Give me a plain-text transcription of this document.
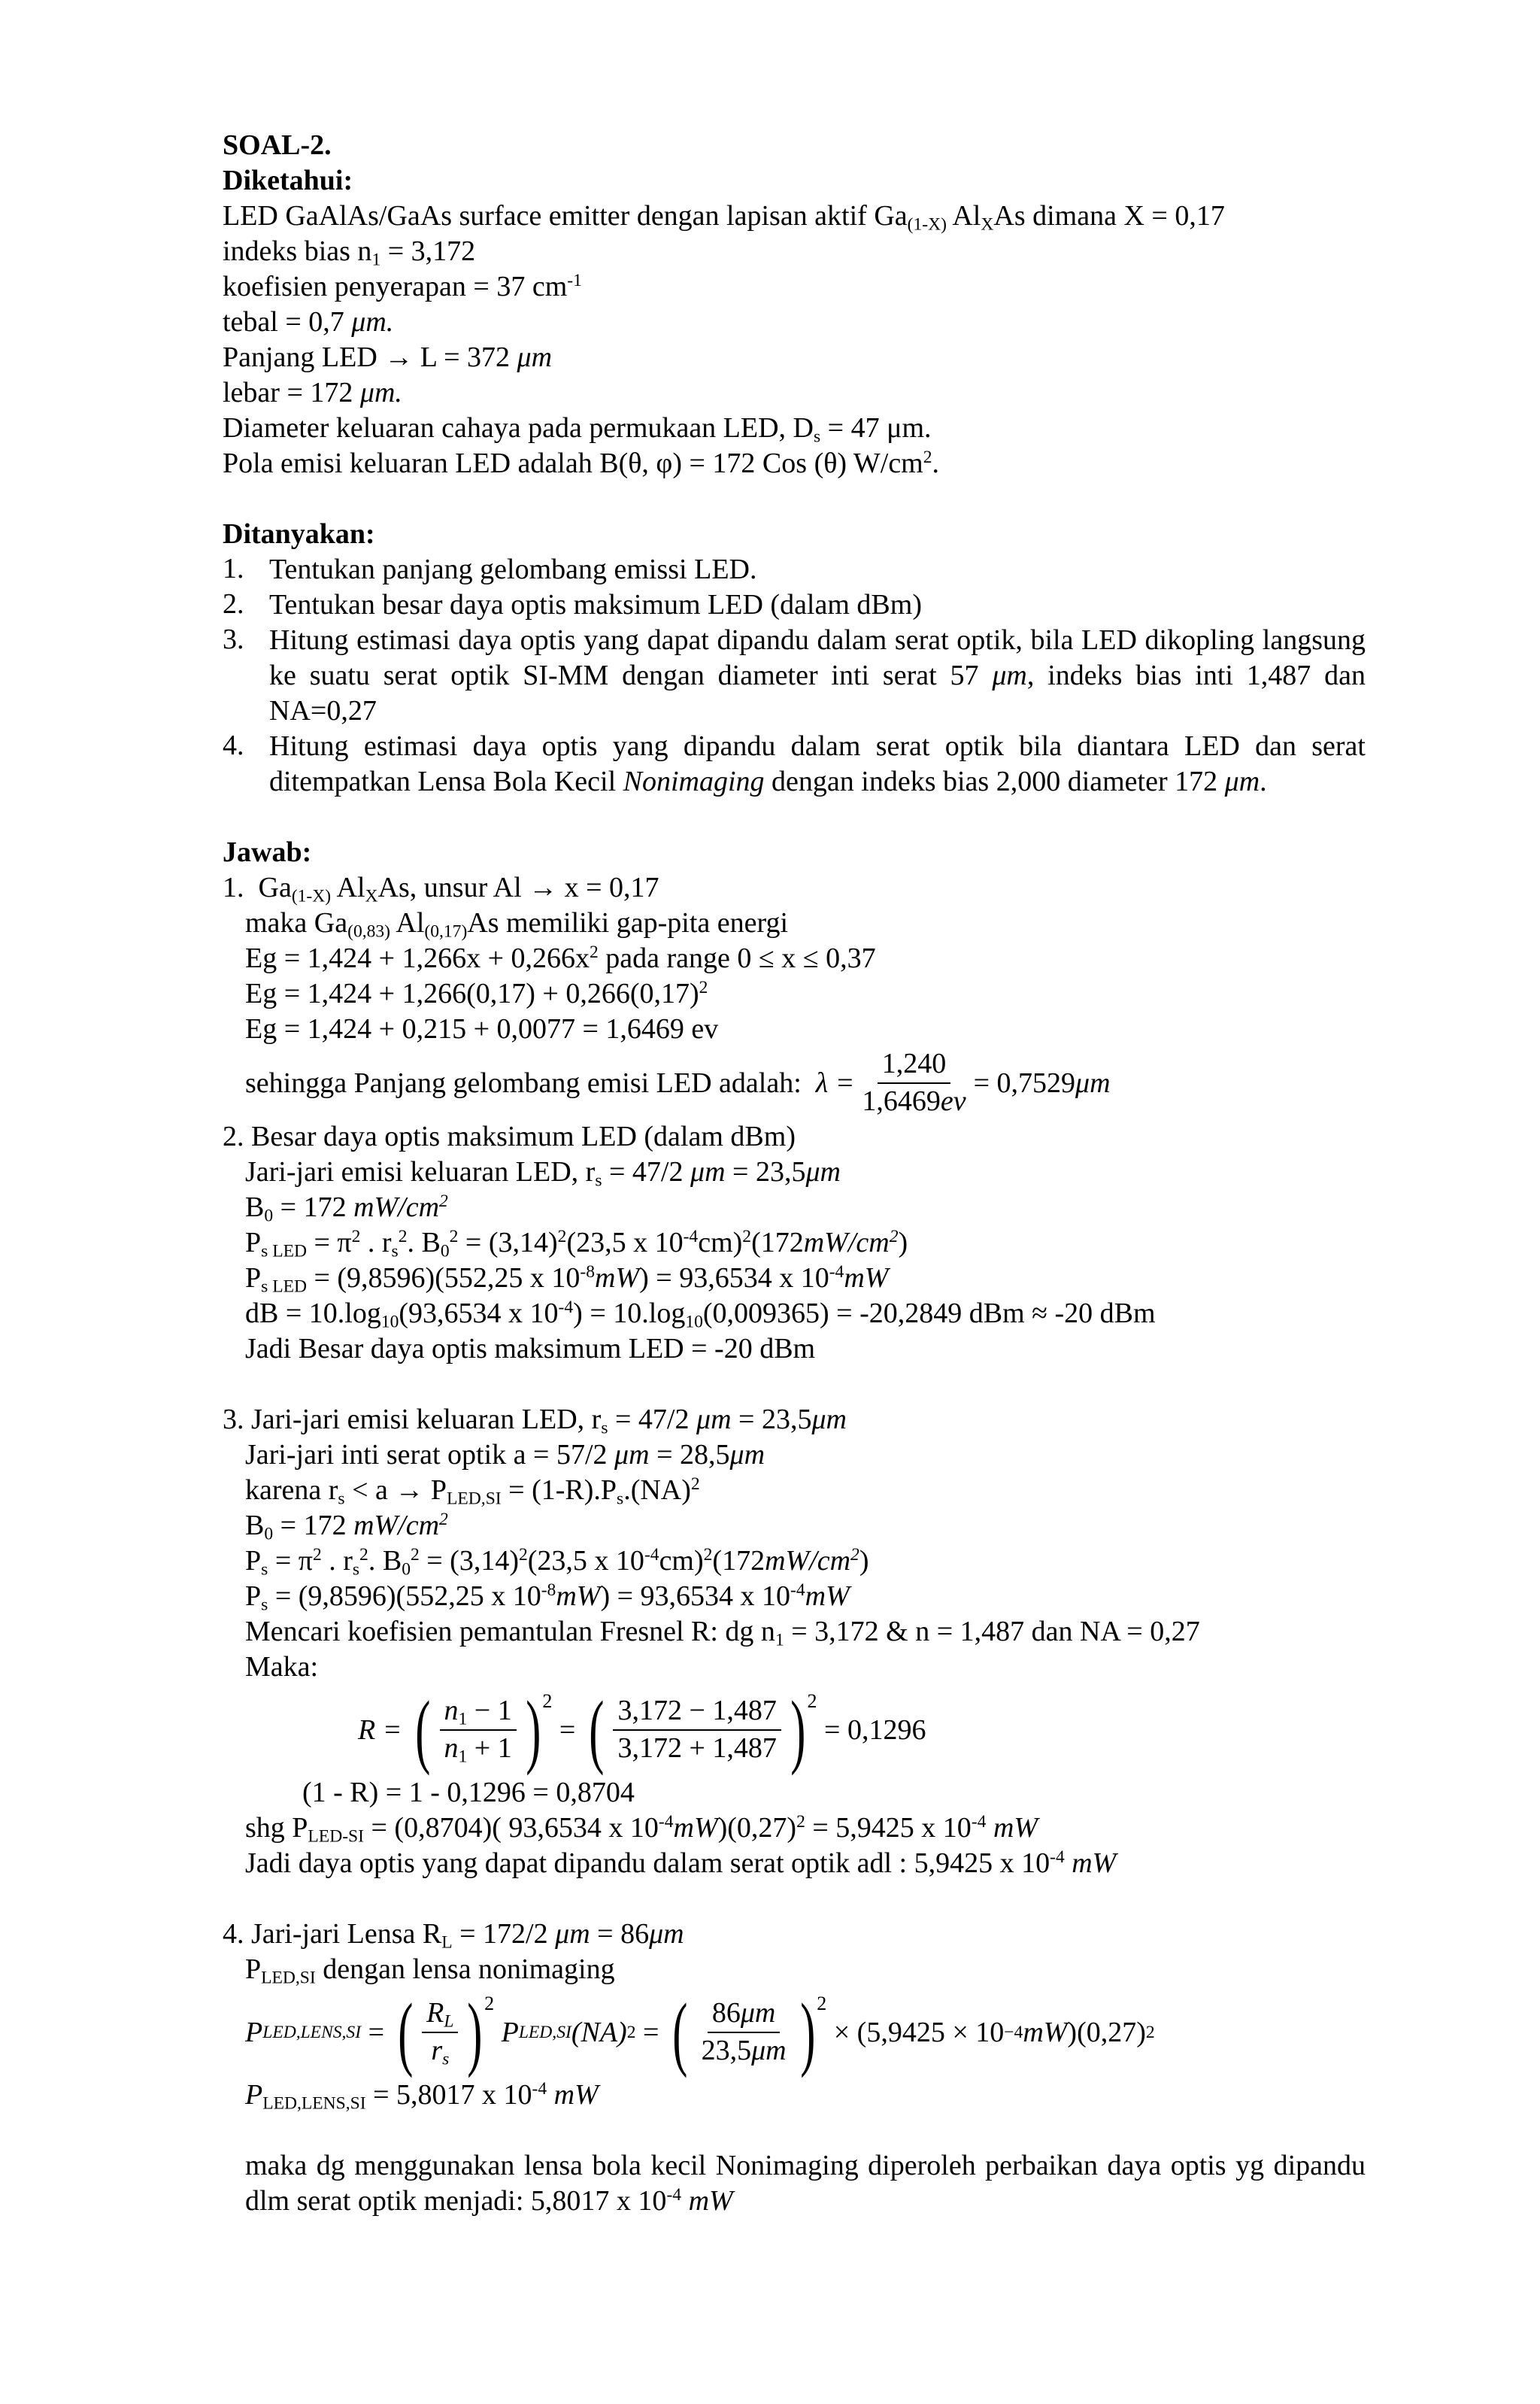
SOAL-2.
Diketahui:
LED GaAlAs/GaAs surface emitter dengan lapisan aktif $Ga_{(1-X)}$ $Al_XAs$ dimana X = 0,17
indeks bias $n_1 = 3,172$
koefisien penyerapan = 37 $cm^{-1}$
tebal = 0,7 μm.
Panjang LED → L = 372 μm
lebar = 172 μm.
Diameter keluaran cahaya pada permukaan LED, $D_s = 47$ μm.
Pola emisi keluaran LED adalah B(θ, φ) = 172 Cos (θ) $W/cm^2$.
Ditanyakan:
1. Tentukan panjang gelombang emissi LED.
2. Tentukan besar daya optis maksimum LED (dalam dBm)
3. Hitung estimasi daya optis yang dapat dipandu dalam serat optik, bila LED dikopling langsung ke suatu serat optik SI-MM dengan diameter inti serat 57 μm, indeks bias inti 1,487 dan NA=0,27
4. Hitung estimasi daya optis yang dipandu dalam serat optik bila diantara LED dan serat ditempatkan Lensa Bola Kecil Nonimaging dengan indeks bias 2,000 diameter 172 μm.
Jawab:
1. $Ga_{(1-X)}$ $Al_XAs$, unsur Al → x = 0,17
maka $Ga_{(0,83)}$ $Al_{(0,17)}As$ memiliki gap-pita energi
$Eg = 1,424 + 1,266x + 0,266x^2$ pada range 0 ≤ x ≤ 0,37
$Eg = 1,424 + 1,266(0,17) + 0,266(0,17)^2$
Eg = 1,424 + 0,215 + 0,0077 = 1,6469 ev
sehingga Panjang gelombang emisi LED adalah:
$\lambda = \frac{1,240}{1,6469ev} = 0,7529$ μm
2. Besar daya optis maksimum LED (dalam dBm)
Jari-jari emisi keluaran LED, $r_s = 47/2$ μm = 23,5μm
$B_0 = 172$ $mW/cm^2$
$P_{s LED} = \pi^2$ . $r_s^2$. $B_0^2 = (3,14)^2(23,5$ x $10^{-4}cm)^2(172mW/cm^2)$
$P_{s LED} = (9,8596)(552,25$ x $10^{-8}mW) = 93,6534$ x $10^{-4}mW$
dB = $10.\log_{10}(93,6534$ x $10^{-4}) = 10.\log_{10}(0,009365) = -20,2849$ dBm ≈ -20 dBm
Jadi Besar daya optis maksimum LED = -20 dBm
3. Jari-jari emisi keluaran LED, $r_s = 47/2$ μm = 23,5μm
Jari-jari inti serat optik a = 57/2 μm = 28,5μm
karena $r_s < a \to P_{LED,SI} = (1-R).P_s.(NA)^2$
$B_0 = 172$ $mW/cm^2$
$P_s = \pi^2$ . $r_s^2$. $B_0^2 = (3,14)^2(23,5$ x $10^{-4}cm)^2(172mW/cm^2)$
$P_s = (9,8596)(552,25$ x $10^{-8}mW) = 93,6534$ x $10^{-4}mW$
Mencari koefisien pemantulan Fresnel R: dg $n_1 = 3,172$ & n = 1,487 dan NA = 0,27
Maka:
R =
( $\frac{n_1 - 1}{n_1 + 1}$ ) 2

=
( $\frac{3,172 - 1,487}{3,172 + 1,487}$ ) 2

= 0,1296
(1 - R) = 1 - 0,1296 = 0,8704
shg $P_{LED-SI} = (0,8704)$( 93,6534 x $10^{-4}mW)(0,27)^2 = 5,9425$ x $10^{-4}$ mW
Jadi daya optis yang dapat dipandu dalam serat optik adl : 5,9425 x $10^{-4}$ mW
4. Jari-jari Lensa $R_L = 172/2$ μm = 86μm
$P_{LED,SI}$ dengan lensa nonimaging
P LED,LENS,SI
=
( $\frac{R_L}{r_s}$ ) 2

P LED,SI (NA) 2
=
( $\frac{86\mu m}{23,5\mu m}$ ) 2

× (5,9425 × 10 −4 mW )(0,27) 2
$P_{LED,LENS,SI} = 5,8017$ x $10^{-4}$ mW
maka dg menggunakan lensa bola kecil Nonimaging diperoleh perbaikan daya optis yg dipandu dlm serat optik menjadi: 5,8017 x $10^{-4}$ mW
